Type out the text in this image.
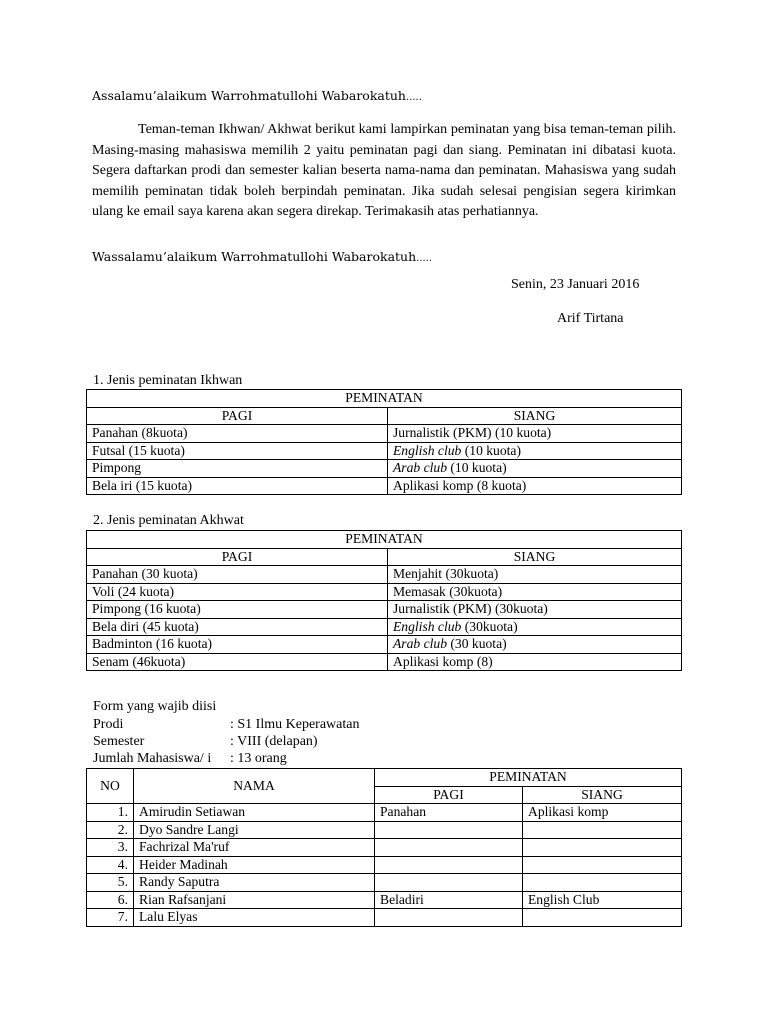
Assalamu’alaikum Warrohmatullohi Wabarokatuh.....

Teman-teman Ikhwan/ Akhwat berikut kami lampirkan peminatan yang bisa teman-teman pilih. Masing-masing mahasiswa memilih 2 yaitu peminatan pagi dan siang. Peminatan ini dibatasi kuota. Segera daftarkan prodi dan semester kalian beserta nama-nama dan peminatan. Mahasiswa yang sudah memilih peminatan tidak boleh berpindah peminatan. Jika sudah selesai pengisian segera kirimkan ulang ke email saya karena akan segera direkap. Terimakasih atas perhatiannya.

Wassalamu’alaikum Warrohmatullohi Wabarokatuh.....
Senin, 23 Januari 2016
Arif Tirtana
1. Jenis peminatan Ikhwan
PEMINATAN	
PAGI	SIANG
Panahan (8kuota)	Jurnalistik (PKM) (10 kuota)
Futsal (15 kuota)	English club (10 kuota)
Pimpong	Arab club (10 kuota)
Bela iri (15 kuota)	Aplikasi komp (8 kuota)
2. Jenis peminatan Akhwat
PEMINATAN	
PAGI	SIANG
Panahan (30 kuota)	Menjahit (30kuota)
Voli (24 kuota)	Memasak (30kuota)
Pimpong (16 kuota)	Jurnalistik (PKM) (30kuota)
Bela diri (45 kuota)	English club (30kuota)
Badminton (16 kuota)	Arab club (30 kuota)
Senam (46kuota)	Aplikasi komp (8)
Form yang wajib diisi
Prodi	: S1 Ilmu Keperawatan
Semester	: VIII (delapan)
Jumlah Mahasiswa/ i : 13 orang
NO	NAMA	PEMINATAN	
		PAGI	SIANG
1.	Amirudin Setiawan	Panahan	Aplikasi komp
2.	Dyo Sandre Langi		
3.	Fachrizal Ma'ruf		
4.	Heider Madinah		
5.	Randy Saputra		
6.	Rian Rafsanjani	Beladiri	English Club
7.	Lalu Elyas		
